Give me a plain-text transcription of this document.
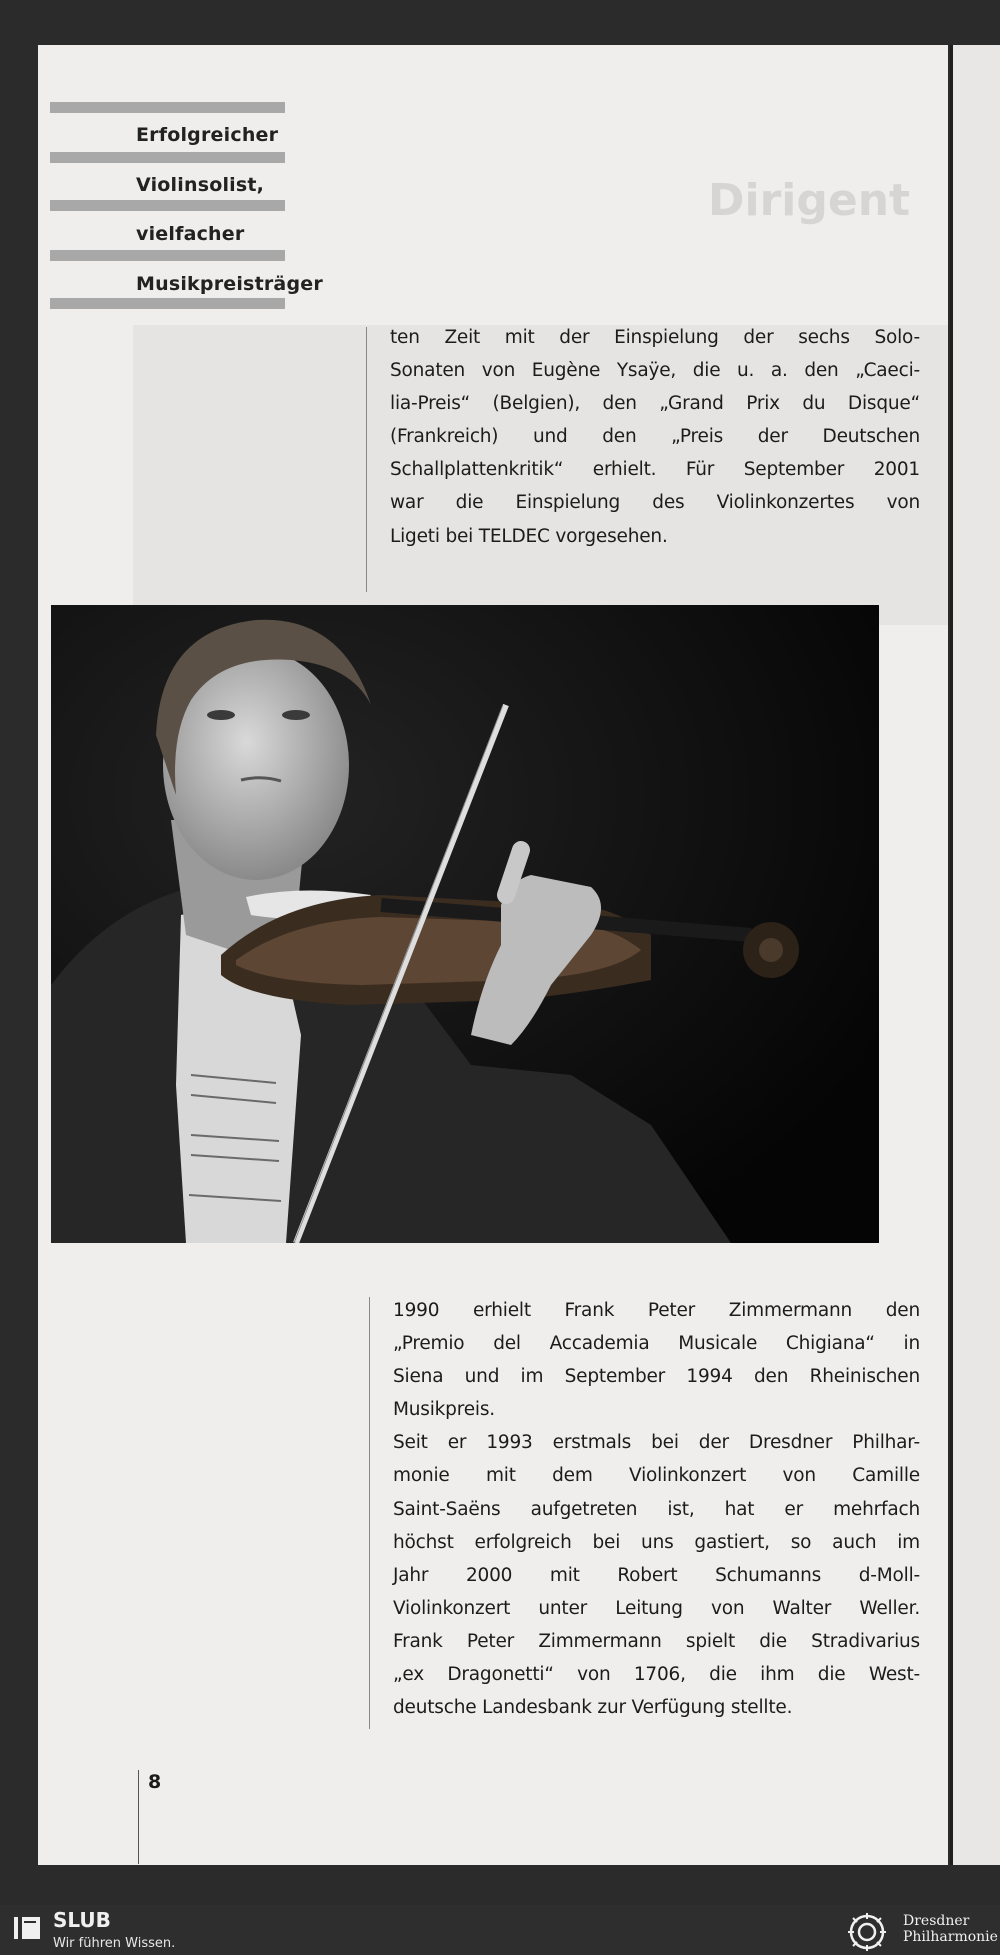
Dirigent
Erfolgreicher
Violinsolist,
vielfacher
Musikpreisträger
ten Zeit mit der Einspielung der sechs Solo-
Sonaten von Eugène Ysaÿe, die u. a. den „Caeci-
lia-Preis“ (Belgien), den „Grand Prix du Disque“
(Frankreich) und den „Preis der Deutschen
Schallplattenkritik“ erhielt. Für September 2001
war die Einspielung des Violinkonzertes von
Ligeti bei TELDEC vorgesehen.
1990 erhielt Frank Peter Zimmermann den
„Premio del Accademia Musicale Chigiana“ in
Siena und im September 1994 den Rheinischen
Musikpreis.
Seit er 1993 erstmals bei der Dresdner Philhar-
monie mit dem Violinkonzert von Camille
Saint-Saëns aufgetreten ist, hat er mehrfach
höchst erfolgreich bei uns gastiert, so auch im
Jahr 2000 mit Robert Schumanns d-Moll-
Violinkonzert unter Leitung von Walter Weller.
Frank Peter Zimmermann spielt die Stradivarius
„ex Dragonetti“ von 1706, die ihm die West-
deutsche Landesbank zur Verfügung stellte.
8
SLUB
Wir führen Wissen.
Dresdner
Philharmonie
